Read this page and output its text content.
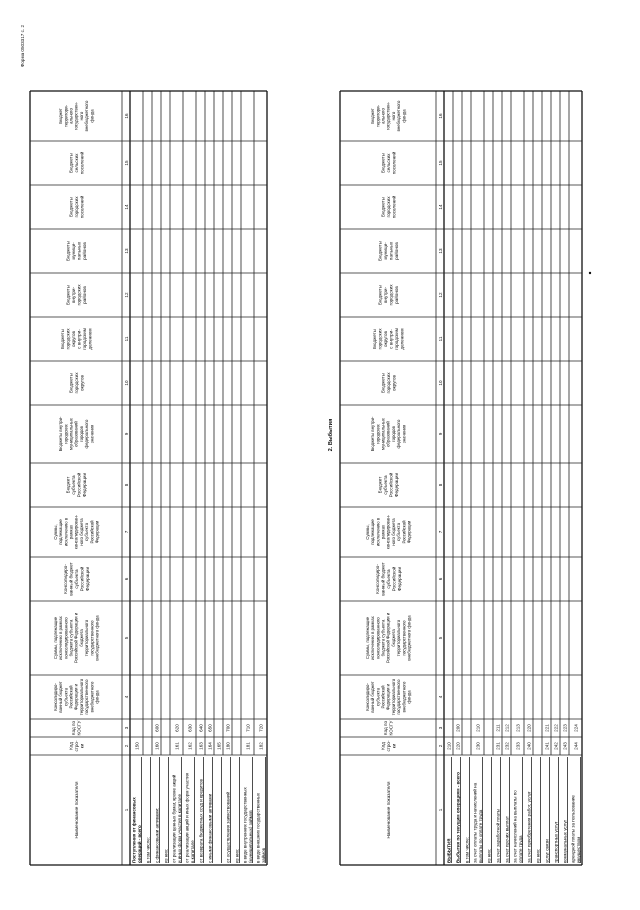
Форма 0503317 с. 2
Наименование показателя
Код стро- ки
Код по КОСГУ
Консолидиро- ванный бюджет субъекта Российской Федерации и территориального государственного внебюджетного фонда
Суммы, подлежащие исключению в рамках консолидированного бюджета субъекта Российской Федерации и бюджета территориального государственного внебюджетного фонда
Консолидиро- ванный бюджет субъекта Российской Федерации
Суммы, подлежащие исключению в рамках консолидирован- ного бюджета субъекта Российской Федерации
Бюджет субъекта Российской Федерации
Бюджеты внутри- городских муниципальных образований городов федерального значения
Бюджеты городских округов
Бюджеты городских округов с внутри- городским делением
Бюджеты внутри- городских районов
Бюджеты муници- пальных районов
Бюджеты городских поселений
Бюджеты сельских поселений
Бюджет территори- ального государствен- ного внебюджетного фонда
1
2
3
4
5
6
7
8
9
10
11
12
13
14
15
16
Поступления от финансовых операций - всего
150
в том числе: с финансовыми активами:
160
600
из них: от реализации ценных бумаг, кроме акций и иных форм участия в капитале
161
620
от реализации акций и иных форм участия в капитале
162
630
от возврата бюджетных ссуд и кредитов
163
640
с иными финансовыми активами
164
650
165
от осуществления заимствований
180
700
из них: в виде внутренних государственных (муниципальных) займов
181
710
в виде внешних государственных займов
182
720
2. Выбытия
Наименование показателя
Код стро- ки
Код по КОСГУ
Консолидиро- ванный бюджет субъекта Российской Федерации и территориального государственного внебюджетного фонда
Суммы, подлежащие исключению в рамках консолидированного бюджета субъекта Российской Федерации и бюджета территориального государственного внебюджетного фонда
Консолидиро- ванный бюджет субъекта Российской Федерации
Суммы, подлежащие исключению в рамках консолидирован- ного бюджета субъекта Российской Федерации
Бюджет субъекта Российской Федерации
Бюджеты внутри- городских муниципальных образований городов федерального значения
Бюджеты городских округов
Бюджеты городских округов с внутри- городским делением
Бюджеты внутри- городских районов
Бюджеты муници- пальных районов
Бюджеты городских поселений
Бюджеты сельских поселений
Бюджет территори- ального государствен- ного внебюджетного фонда
1
2
3
4
5
6
7
8
9
10
11
12
13
14
15
16
ВЫБЫТИЯ
210
Выбытия по текущим операциям - всего
220
200
в том числе: за счет оплаты труда и начислений на выплаты по оплате труда
230
210
из них: за счет заработной платы
231
211
за счет прочих выплат
232
212
за счет начислений на выплаты по оплате труда
233
213
за счет приобретения работ, услуг
240
220
из них: услуг связи
241
221
транспортных услуг
242
222
коммунальных услуг
243
223
арендной платы за пользование имуществом
244
224
